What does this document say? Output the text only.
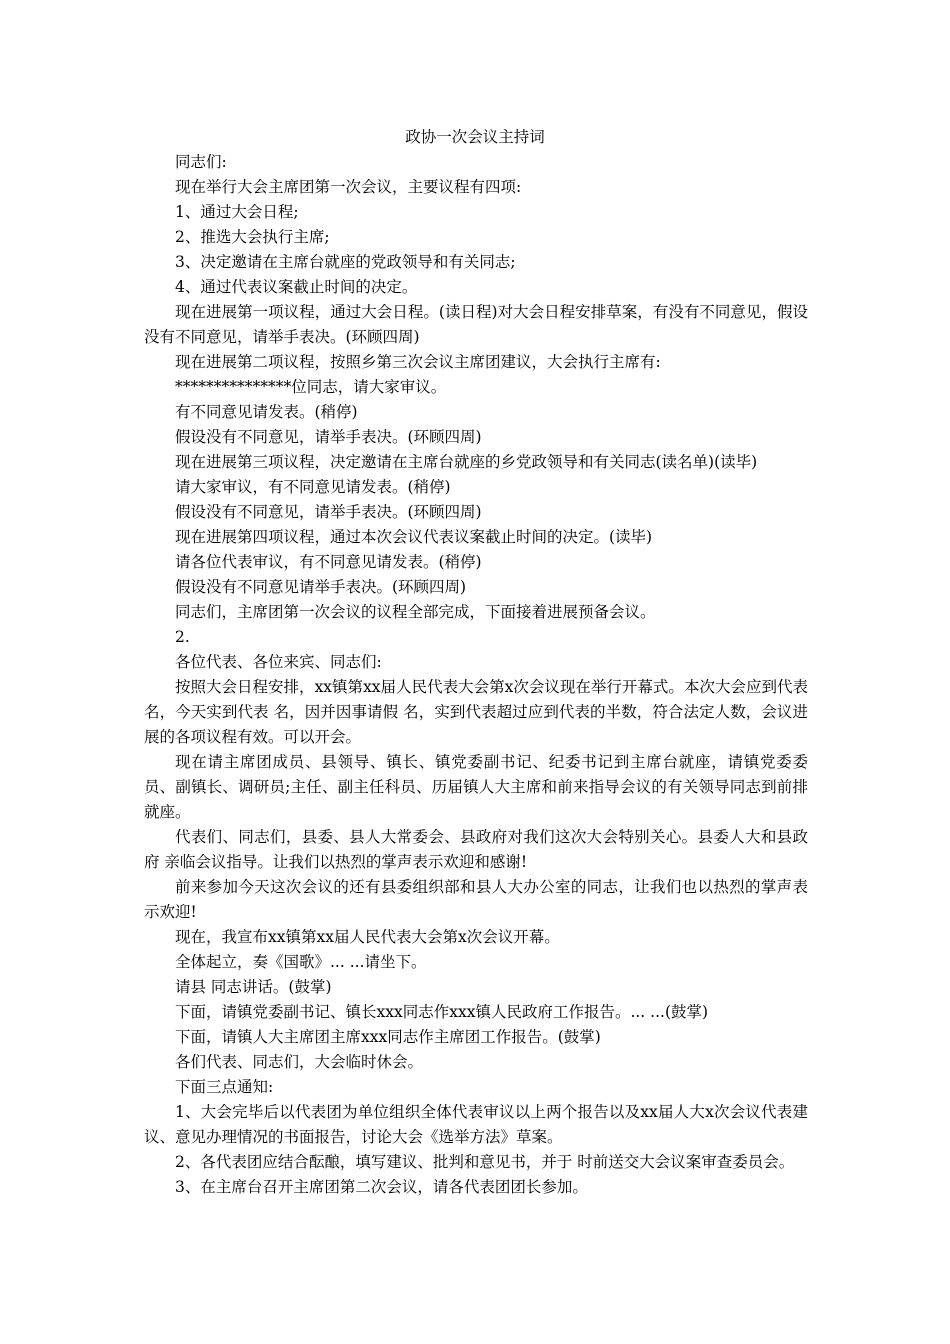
政协一次会议主持词

同志们:

现在举行大会主席团第一次会议，主要议程有四项:

1、通过大会日程;

2、推选大会执行主席;

3、决定邀请在主席台就座的党政领导和有关同志;

4、通过代表议案截止时间的决定。

现在进展第一项议程，通过大会日程。(读日程)对大会日程安排草案，有没有不同意见，假设没有不同意见，请举手表决。(环顾四周)

现在进展第二项议程，按照乡第三次会议主席团建议，大会执行主席有:

***************位同志，请大家审议。

有不同意见请发表。(稍停)

假设没有不同意见，请举手表决。(环顾四周)

现在进展第三项议程，决定邀请在主席台就座的乡党政领导和有关同志(读名单)(读毕)

请大家审议，有不同意见请发表。(稍停)

假设没有不同意见，请举手表决。(环顾四周)

现在进展第四项议程，通过本次会议代表议案截止时间的决定。(读毕)

请各位代表审议，有不同意见请发表。(稍停)

假设没有不同意见请举手表决。(环顾四周)

同志们，主席团第一次会议的议程全部完成，下面接着进展预备会议。

2.

各位代表、各位来宾、同志们:

按照大会日程安排，xx镇第xx届人民代表大会第x次会议现在举行开幕式。本次大会应到代表 名，今天实到代表 名，因并因事请假 名，实到代表超过应到代表的半数，符合法定人数，会议进展的各项议程有效。可以开会。

现在请主席团成员、县领导、镇长、镇党委副书记、纪委书记到主席台就座，请镇党委委员、副镇长、调研员;主任、副主任科员、历届镇人大主席和前来指导会议的有关领导同志到前排就座。

代表们、同志们，县委、县人大常委会、县政府对我们这次大会特别关心。县委人大和县政府 亲临会议指导。让我们以热烈的掌声表示欢迎和感谢!

前来参加今天这次会议的还有县委组织部和县人大办公室的同志，让我们也以热烈的掌声表示欢迎!

现在，我宣布xx镇第xx届人民代表大会第x次会议开幕。

全体起立，奏《国歌》... ...请坐下。

请县 同志讲话。(鼓掌)

下面，请镇党委副书记、镇长xxx同志作xxx镇人民政府工作报告。... ...(鼓掌)

下面，请镇人大主席团主席xxx同志作主席团工作报告。(鼓掌)

各们代表、同志们，大会临时休会。

下面三点通知:

1、大会完毕后以代表团为单位组织全体代表审议以上两个报告以及xx届人大x次会议代表建议、意见办理情况的书面报告，讨论大会《选举方法》草案。

2、各代表团应结合酝酿，填写建议、批判和意见书，并于 时前送交大会议案审查委员会。

3、在主席台召开主席团第二次会议，请各代表团团长参加。
